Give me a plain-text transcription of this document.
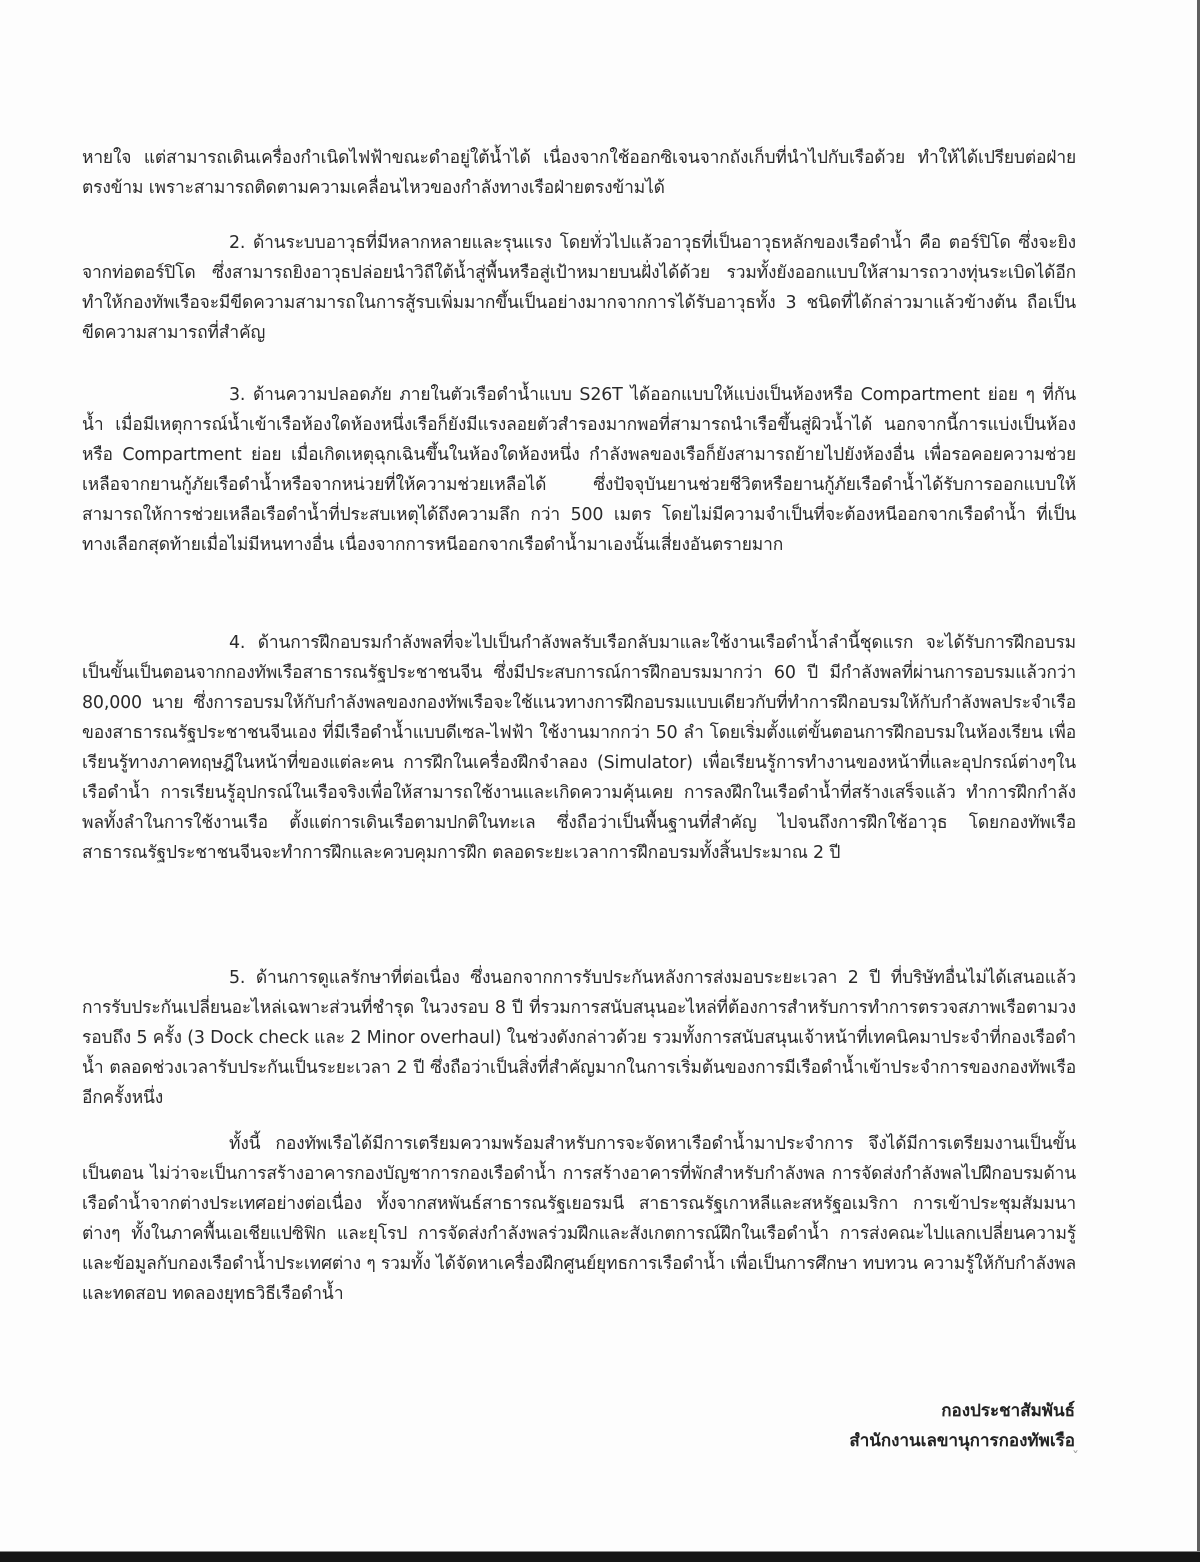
หายใจ แต่สามารถเดินเครื่องกำเนิดไฟฟ้าขณะดำอยู่ใต้น้ำได้ เนื่องจากใช้ออกซิเจนจากถังเก็บที่นำไปกับเรือด้วย ทำให้ได้เปรียบต่อฝ่ายตรงข้าม เพราะสามารถติดตามความเคลื่อนไหวของกำลังทางเรือฝ่ายตรงข้ามได้

2. ด้านระบบอาวุธที่มีหลากหลายและรุนแรง โดยทั่วไปแล้วอาวุธที่เป็นอาวุธหลักของเรือดำน้ำ คือ ตอร์ปิโด ซึ่งจะยิงจากท่อตอร์ปิโด ซึ่งสามารถยิงอาวุธปล่อยนำวิถีใต้น้ำสู่พื้นหรือสู่เป้าหมายบนฝั่งได้ด้วย รวมทั้งยังออกแบบให้สามารถวางทุ่นระเบิดได้อีก ทำให้กองทัพเรือจะมีขีดความสามารถในการสู้รบเพิ่มมากขึ้นเป็นอย่างมากจากการได้รับอาวุธทั้ง 3 ชนิดที่ได้กล่าวมาแล้วข้างต้น ถือเป็นขีดความสามารถที่สำคัญ

3. ด้านความปลอดภัย ภายในตัวเรือดำน้ำแบบ S26T ได้ออกแบบให้แบ่งเป็นห้องหรือ Compartment ย่อย ๆ ที่กันน้ำ เมื่อมีเหตุการณ์น้ำเข้าเรือห้องใดห้องหนึ่งเรือก็ยังมีแรงลอยตัวสำรองมากพอที่สามารถนำเรือขึ้นสู่ผิวน้ำได้ นอกจากนี้การแบ่งเป็นห้องหรือ Compartment ย่อย เมื่อเกิดเหตุฉุกเฉินขึ้นในห้องใดห้องหนึ่ง กำลังพลของเรือก็ยังสามารถย้ายไปยังห้องอื่น เพื่อรอคอยความช่วยเหลือจากยานกู้ภัยเรือดำน้ำหรือจากหน่วยที่ให้ความช่วยเหลือได้ ซึ่งปัจจุบันยานช่วยชีวิตหรือยานกู้ภัยเรือดำน้ำได้รับการออกแบบให้สามารถให้การช่วยเหลือเรือดำน้ำที่ประสบเหตุได้ถึงความลึก กว่า 500 เมตร โดยไม่มีความจำเป็นที่จะต้องหนีออกจากเรือดำน้ำ ที่เป็นทางเลือกสุดท้ายเมื่อไม่มีหนทางอื่น เนื่องจากการหนีออกจากเรือดำน้ำมาเองนั้นเสี่ยงอันตรายมาก

4. ด้านการฝึกอบรมกำลังพลที่จะไปเป็นกำลังพลรับเรือกลับมาและใช้งานเรือดำน้ำลำนี้ชุดแรก จะได้รับการฝึกอบรมเป็นขั้นเป็นตอนจากกองทัพเรือสาธารณรัฐประชาชนจีน ซึ่งมีประสบการณ์การฝึกอบรมมากว่า 60 ปี มีกำลังพลที่ผ่านการอบรมแล้วกว่า 80,000 นาย ซึ่งการอบรมให้กับกำลังพลของกองทัพเรือจะใช้แนวทางการฝึกอบรมแบบเดียวกับที่ทำการฝึกอบรมให้กับกำลังพลประจำเรือของสาธารณรัฐประชาชนจีนเอง ที่มีเรือดำน้ำแบบดีเซล-ไฟฟ้า ใช้งานมากกว่า 50 ลำ โดยเริ่มตั้งแต่ขั้นตอนการฝึกอบรมในห้องเรียน เพื่อเรียนรู้ทางภาคทฤษฎีในหน้าที่ของแต่ละคน การฝึกในเครื่องฝึกจำลอง (Simulator) เพื่อเรียนรู้การทำงานของหน้าที่และอุปกรณ์ต่างๆในเรือดำน้ำ การเรียนรู้อุปกรณ์ในเรือจริงเพื่อให้สามารถใช้งานและเกิดความคุ้นเคย การลงฝึกในเรือดำน้ำที่สร้างเสร็จแล้ว ทำการฝึกกำลังพลทั้งลำในการใช้งานเรือ ตั้งแต่การเดินเรือตามปกติในทะเล ซึ่งถือว่าเป็นพื้นฐานที่สำคัญ ไปจนถึงการฝึกใช้อาวุธ โดยกองทัพเรือสาธารณรัฐประชาชนจีนจะทำการฝึกและควบคุมการฝึก ตลอดระยะเวลาการฝึกอบรมทั้งสิ้นประมาณ 2 ปี

5. ด้านการดูแลรักษาที่ต่อเนื่อง ซึ่งนอกจากการรับประกันหลังการส่งมอบระยะเวลา 2 ปี ที่บริษัทอื่นไม่ได้เสนอแล้ว การรับประกันเปลี่ยนอะไหล่เฉพาะส่วนที่ชำรุด ในวงรอบ 8 ปี ที่รวมการสนับสนุนอะไหล่ที่ต้องการสำหรับการทำการตรวจสภาพเรือตามวงรอบถึง 5 ครั้ง (3 Dock check และ 2 Minor overhaul) ในช่วงดังกล่าวด้วย รวมทั้งการสนับสนุนเจ้าหน้าที่เทคนิคมาประจำที่กองเรือดำน้ำ ตลอดช่วงเวลารับประกันเป็นระยะเวลา 2 ปี ซึ่งถือว่าเป็นสิ่งที่สำคัญมากในการเริ่มต้นของการมีเรือดำน้ำเข้าประจำการของกองทัพเรืออีกครั้งหนึ่ง

ทั้งนี้ กองทัพเรือได้มีการเตรียมความพร้อมสำหรับการจะจัดหาเรือดำน้ำมาประจำการ จึงได้มีการเตรียมงานเป็นขั้นเป็นตอน ไม่ว่าจะเป็นการสร้างอาคารกองบัญชาการกองเรือดำน้ำ การสร้างอาคารที่พักสำหรับกำลังพล การจัดส่งกำลังพลไปฝึกอบรมด้านเรือดำน้ำจากต่างประเทศอย่างต่อเนื่อง ทั้งจากสหพันธ์สาธารณรัฐเยอรมนี สาธารณรัฐเกาหลีและสหรัฐอเมริกา การเข้าประชุมสัมมนาต่างๆ ทั้งในภาคพื้นเอเชียแปซิฟิก และยุโรป การจัดส่งกำลังพลร่วมฝึกและสังเกตการณ์ฝึกในเรือดำน้ำ การส่งคณะไปแลกเปลี่ยนความรู้และข้อมูลกับกองเรือดำน้ำประเทศต่าง ๆ รวมทั้ง ได้จัดหาเครื่องฝึกศูนย์ยุทธการเรือดำน้ำ เพื่อเป็นการศึกษา ทบทวน ความรู้ให้กับกำลังพล และทดสอบ ทดลองยุทธวิธีเรือดำน้ำ

กองประชาสัมพันธ์
สำนักงานเลขานุการกองทัพเรือ
ˇ
